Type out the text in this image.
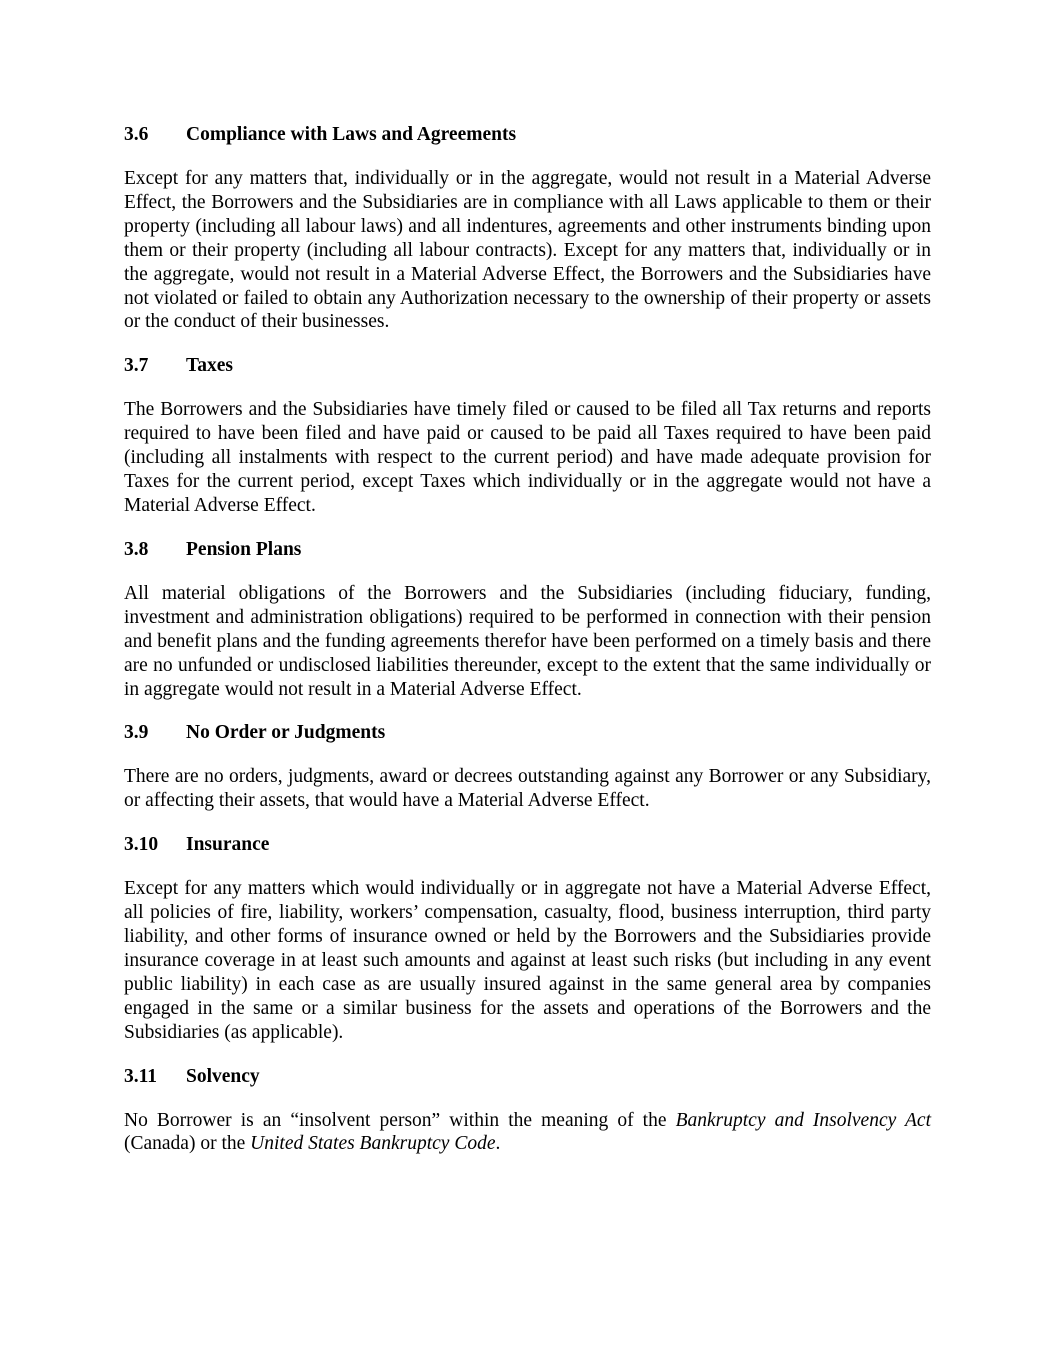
3.6	Compliance with Laws and Agreements

Except for any matters that, individually or in the aggregate, would not result in a Material Adverse Effect, the Borrowers and the Subsidiaries are in compliance with all Laws applicable to them or their property (including all labour laws) and all indentures, agreements and other instruments binding upon them or their property (including all labour contracts). Except for any matters that, individually or in the aggregate, would not result in a Material Adverse Effect, the Borrowers and the Subsidiaries have not violated or failed to obtain any Authorization necessary to the ownership of their property or assets or the conduct of their businesses.

3.7	Taxes

The Borrowers and the Subsidiaries have timely filed or caused to be filed all Tax returns and reports required to have been filed and have paid or caused to be paid all Taxes required to have been paid (including all instalments with respect to the current period) and have made adequate provision for Taxes for the current period, except Taxes which individually or in the aggregate would not have a Material Adverse Effect.

3.8	Pension Plans

All material obligations of the Borrowers and the Subsidiaries (including fiduciary, funding, investment and administration obligations) required to be performed in connection with their pension and benefit plans and the funding agreements therefor have been performed on a timely basis and there are no unfunded or undisclosed liabilities thereunder, except to the extent that the same individually or in aggregate would not result in a Material Adverse Effect.

3.9	No Order or Judgments

There are no orders, judgments, award or decrees outstanding against any Borrower or any Subsidiary, or affecting their assets, that would have a Material Adverse Effect.

3.10	Insurance

Except for any matters which would individually or in aggregate not have a Material Adverse Effect, all policies of fire, liability, workers’ compensation, casualty, flood, business interruption, third party liability, and other forms of insurance owned or held by the Borrowers and the Subsidiaries provide insurance coverage in at least such amounts and against at least such risks (but including in any event public liability) in each case as are usually insured against in the same general area by companies engaged in the same or a similar business for the assets and operations of the Borrowers and the Subsidiaries (as applicable).

3.11	Solvency

No Borrower is an “insolvent person” within the meaning of the Bankruptcy and Insolvency Act (Canada) or the United States Bankruptcy Code.
